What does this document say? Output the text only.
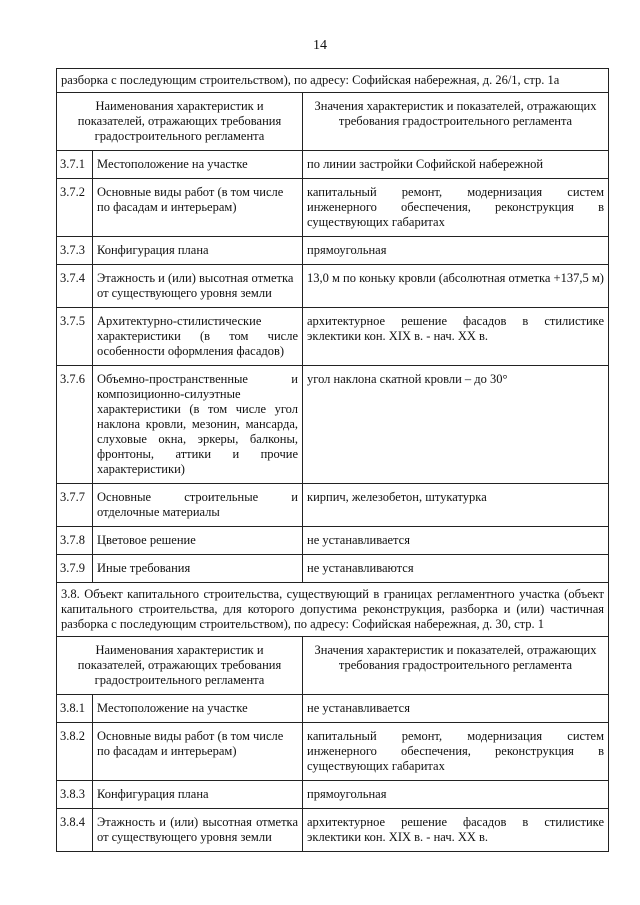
14
разборка с последующим строительством), по адресу: Софийская набережная, д. 26/1, стр. 1а		
Наименования характеристик и показателей, отражающих требования градостроительного регламента		Значения характеристик и показателей, отражающих требования градостроительного регламента
3.7.1	Местоположение на участке	по линии застройки Софийской набережной
3.7.2	Основные виды работ (в том числе по фасадам и интерьерам)	капитальный ремонт, модернизация систем инженерного обеспечения, реконструкция в существующих габаритах
3.7.3	Конфигурация плана	прямоугольная
3.7.4	Этажность и (или) высотная отметка от существующего уровня земли	13,0 м по коньку кровли (абсолютная отметка +137,5 м)
3.7.5	Архитектурно-стилистические характеристики (в том числе особенности оформления фасадов)	архитектурное решение фасадов в стилистике эклектики кон. XIX в. - нач. XX в.
3.7.6	Объемно-пространственные и композиционно-силуэтные характеристики (в том числе угол наклона кровли, мезонин, мансарда, слуховые окна, эркеры, балконы, фронтоны, аттики и прочие характеристики)	угол наклона скатной кровли – до 30°
3.7.7	Основные строительные и отделочные материалы	кирпич, железобетон, штукатурка
3.7.8	Цветовое решение	не устанавливается
3.7.9	Иные требования	не устанавливаются
3.8. Объект капитального строительства, существующий в границах регламентного участка (объект капитального строительства, для которого допустима реконструкция, разборка и (или) частичная разборка с последующим строительством), по адресу: Софийская набережная, д. 30, стр. 1		
Наименования характеристик и показателей, отражающих требования градостроительного регламента		Значения характеристик и показателей, отражающих требования градостроительного регламента
3.8.1	Местоположение на участке	не устанавливается
3.8.2	Основные виды работ (в том числе по фасадам и интерьерам)	капитальный ремонт, модернизация систем инженерного обеспечения, реконструкция в существующих габаритах
3.8.3	Конфигурация плана	прямоугольная
3.8.4	Этажность и (или) высотная отметка от существующего уровня земли	архитектурное решение фасадов в стилистике эклектики кон. XIX в. - нач. XX в.
